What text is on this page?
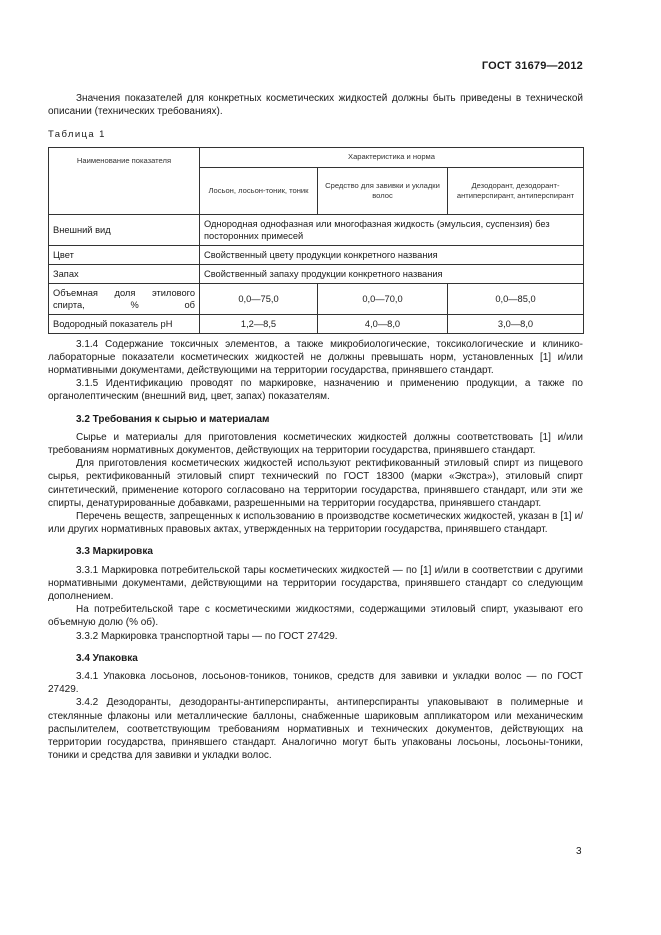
ГОСТ 31679—2012

Значения показателей для конкретных косметических жидкостей должны быть приведены в технической описании (технических требованиях).

Таблица 1
Наименование показателя	Характеристика и норма		
	Лосьон, лосьон-тоник, тоник	Средство для завивки и укладки волос	Дезодорант, дезодорант-антиперспирант, антиперспирант
Внешний вид	Однородная однофазная или многофазная жидкость (эмульсия, суспензия) без посторонних примесей		
Цвет	Свойственный цвету продукции конкретного названия		
Запах	Свойственный запаху продукции конкретного названия		
Объемная доля этилового спирта, % об	0,0—75,0	0,0—70,0	0,0—85,0
Водородный показатель рН	1,2—8,5	4,0—8,0	3,0—8,0

3.1.4 Содержание токсичных элементов, а также микробиологические, токсикологические и клинико-лабораторные показатели косметических жидкостей не должны превышать норм, установленных [1] и/или нормативными документами, действующими на территории государства, принявшего стандарт.

3.1.5 Идентификацию проводят по маркировке, назначению и применению продукции, а также по органолептическим (внешний вид, цвет, запах) показателям.

3.2 Требования к сырью и материалам

Сырье и материалы для приготовления косметических жидкостей должны соответствовать [1] и/или требованиям нормативных документов, действующих на территории государства, принявшего стандарт.

Для приготовления косметических жидкостей используют ректификованный этиловый спирт из пищевого сырья, ректификованный этиловый спирт технический по ГОСТ 18300 (марки «Экстра»), этиловый спирт синтетический, применение которого согласовано на территории государства, принявшего стандарт, или эти же спирты, денатурированные добавками, разрешенными на территории государства, принявшего стандарт.

Перечень веществ, запрещенных к использованию в производстве косметических жидкостей, указан в [1] и/или других нормативных правовых актах, утвержденных на территории государства, принявшего стандарт.

3.3 Маркировка

3.3.1 Маркировка потребительской тары косметических жидкостей — по [1] и/или в соответствии с другими нормативными документами, действующими на территории государства, принявшего стандарт со следующим дополнением.

На потребительской таре с косметическими жидкостями, содержащими этиловый спирт, указывают его объемную долю (% об).

3.3.2 Маркировка транспортной тары — по ГОСТ 27429.

3.4 Упаковка

3.4.1 Упаковка лосьонов, лосьонов-тоников, тоников, средств для завивки и укладки волос — по ГОСТ 27429.

3.4.2 Дезодоранты, дезодоранты-антиперспиранты, антиперспиранты упаковывают в полимерные и стеклянные флаконы или металлические баллоны, снабженные шариковым аппликатором или механическим распылителем, соответствующим требованиям нормативных и технических документов, действующих на территории государства, принявшего стандарт. Аналогично могут быть упакованы лосьоны, лосьоны-тоники, тоники и средства для завивки и укладки волос.

3
